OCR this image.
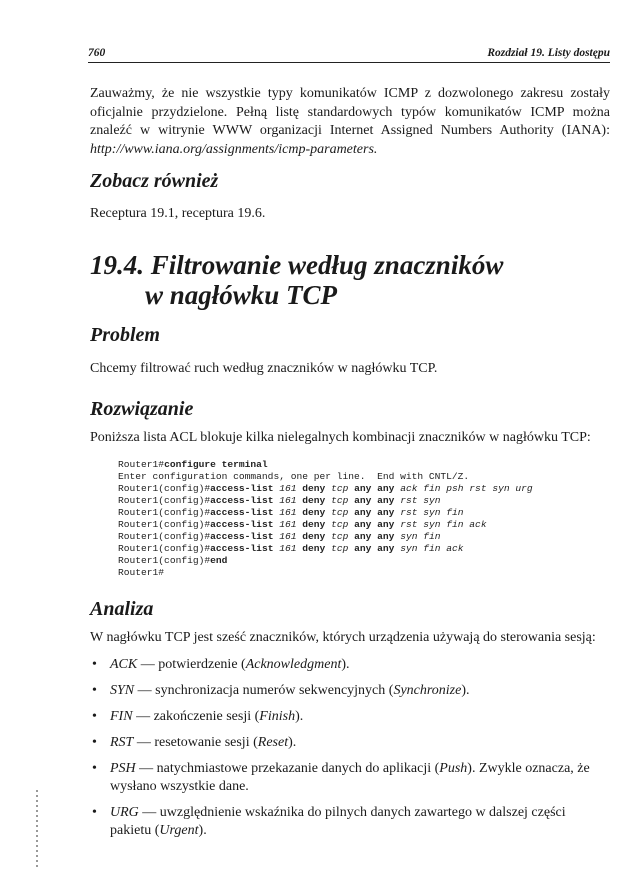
760	Rozdział 19. Listy dostępu

Zauważmy, że nie wszystkie typy komunikatów ICMP z dozwolonego zakresu zostały oficjalnie przydzielone. Pełną listę standardowych typów komunikatów ICMP można znaleźć w witrynie WWW organizacji Internet Assigned Numbers Authority (IANA): http://www.iana.org/assignments/icmp-parameters.

Zobacz również

Receptura 19.1, receptura 19.6.

19.4. Filtrowanie według znaczników
w nagłówku TCP
Problem

Chcemy filtrować ruch według znaczników w nagłówku TCP.

Rozwiązanie

Poniższa lista ACL blokuje kilka nielegalnych kombinacji znaczników w nagłówku TCP:

Router1#configure terminal
Enter configuration commands, one per line.  End with CNTL/Z.
Router1(config)#access-list 161 deny tcp any any ack fin psh rst syn urg
Router1(config)#access-list 161 deny tcp any any rst syn
Router1(config)#access-list 161 deny tcp any any rst syn fin
Router1(config)#access-list 161 deny tcp any any rst syn fin ack
Router1(config)#access-list 161 deny tcp any any syn fin
Router1(config)#access-list 161 deny tcp any any syn fin ack
Router1(config)#end
Router1#
Analiza

W nagłówku TCP jest sześć znaczników, których urządzenia używają do sterowania sesją:

• ACK — potwierdzenie (Acknowledgment).
• SYN — synchronizacja numerów sekwencyjnych (Synchronize).
• FIN — zakończenie sesji (Finish).
• RST — resetowanie sesji (Reset).
• PSH — natychmiastowe przekazanie danych do aplikacji (Push). Zwykle oznacza, że wysłano wszystkie dane.
• URG — uwzględnienie wskaźnika do pilnych danych zawartego w dalszej części pakietu (Urgent).
